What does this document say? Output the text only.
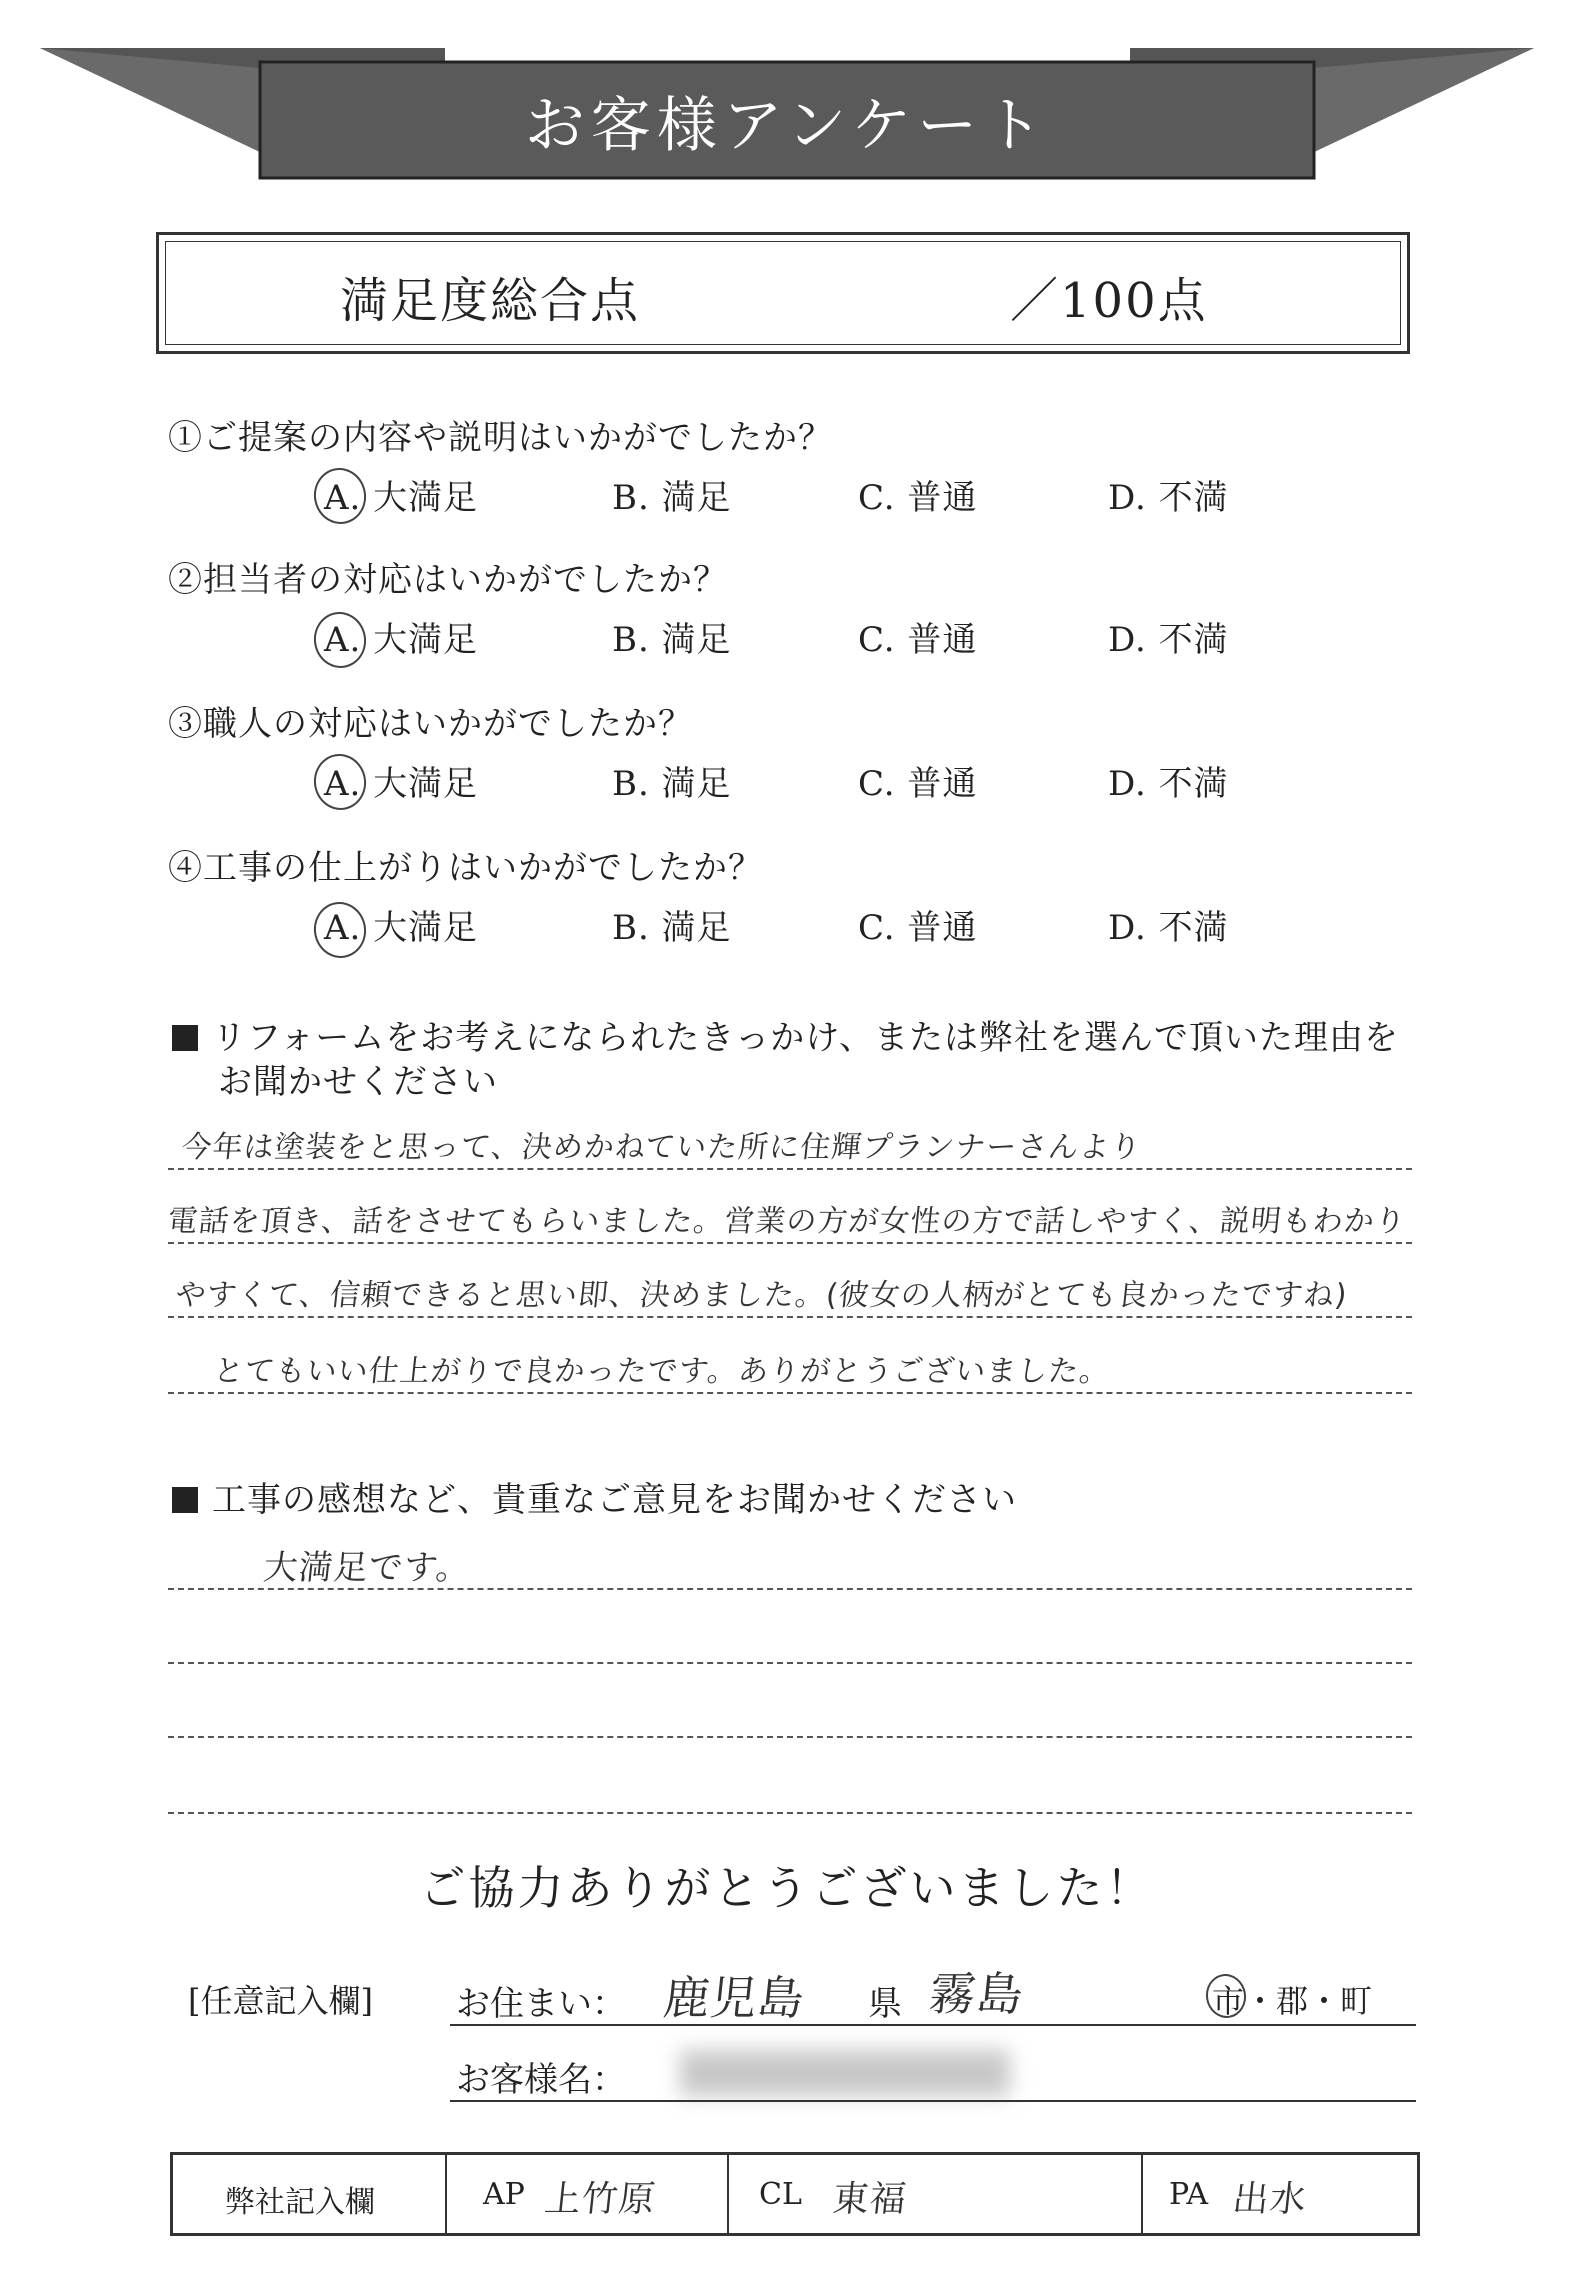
お客様アンケート
満足度総合点	／100点
①ご提案の内容や説明はいかがでしたか？
A. 大満足	B. 満足	C. 普通	D. 不満
②担当者の対応はいかがでしたか？
A. 大満足	B. 満足	C. 普通	D. 不満
③職人の対応はいかがでしたか？
A. 大満足	B. 満足	C. 普通	D. 不満
④工事の仕上がりはいかがでしたか？
A. 大満足	B. 満足	C. 普通	D. 不満
リフォームをお考えになられたきっかけ、または弊社を選んで頂いた理由を
お聞かせください
今年は塗装をと思って、決めかねていた所に住輝プランナーさんより
電話を頂き、話をさせてもらいました。営業の方が女性の方で話しやすく、説明もわかり
やすくて、信頼できると思い即、決めました。(彼女の人柄がとても良かったですね)
とてもいい仕上がりで良かったです。ありがとうございました。
工事の感想など、貴重なご意見をお聞かせください
大満足です。
ご協力ありがとうございました！
[任意記入欄] お住まい： 鹿児島 県 霧島	市・郡・町
お客様名：
弊社記入欄	AP 上竹原	CL 東福	PA 出水
